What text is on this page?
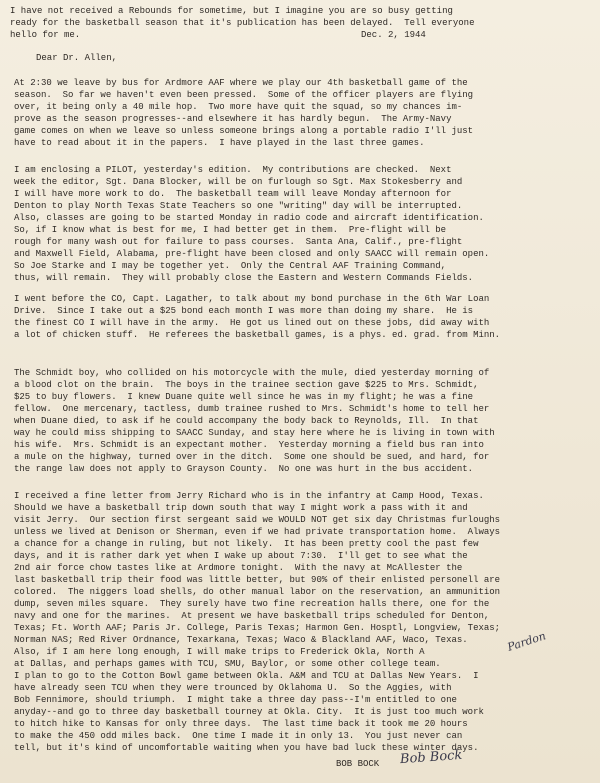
I have not received a Rebounds for sometime, but I imagine you are so busy getting
ready for the basketball season that it's publication has been delayed.  Tell everyone
hello for me.	Dec. 2, 1944
Dear Dr. Allen,
At 2:30 we leave by bus for Ardmore AAF where we play our 4th basketball game of the
season.  So far we haven't even been pressed.  Some of the officer players are flying
over, it being only a 40 mile hop.  Two more have quit the squad, so my chances im-
prove as the season progresses--and elsewhere it has hardly begun.  The Army-Navy
game comes on when we leave so unless someone brings along a portable radio I'll just
have to read about it in the papers.  I have played in the last three games.
I am enclosing a PILOT, yesterday's edition.  My contributions are checked.  Next
week the editor, Sgt. Dana Blocker, will be on furlough so Sgt. Max Stokesberry and
I will have more work to do.  The basketball team will leave Monday afternoon for
Denton to play North Texas State Teachers so one "writing" day will be interrupted.
Also, classes are going to be started Monday in radio code and aircraft identification.
So, if I know what is best for me, I had better get in them.  Pre-flight will be
rough for many wash out for failure to pass courses.  Santa Ana, Calif., pre-flight
and Maxwell Field, Alabama, pre-flight have been closed and only SAACC will remain open.
So Joe Starke and I may be together yet.  Only the Central AAF Training Command,
thus, will remain.  They will probably close the Eastern and Western Commands Fields.
I went before the CO, Capt. Lagather, to talk about my bond purchase in the 6th War Loan
Drive.  Since I take out a $25 bond each month I was more than doing my share.  He is
the finest CO I will have in the army.  He got us lined out on these jobs, did away with
a lot of chicken stuff.  He referees the basketball games, is a phys. ed. grad. from Minn.
The Schmidt boy, who collided on his motorcycle with the mule, died yesterday morning of
a blood clot on the brain.  The boys in the trainee section gave $225 to Mrs. Schmidt,
$25 to buy flowers.  I knew Duane quite well since he was in my flight; he was a fine
fellow.  One mercenary, tactless, dumb trainee rushed to Mrs. Schmidt's home to tell her
when Duane died, to ask if he could accompany the body back to Reynolds, Ill.  In that
way he could miss shipping to SAACC Sunday, and stay here where he is living in town with
his wife.  Mrs. Schmidt is an expectant mother.  Yesterday morning a field bus ran into
a mule on the highway, turned over in the ditch.  Some one should be sued, and hard, for
the range law does not apply to Grayson County.  No one was hurt in the bus accident.
I received a fine letter from Jerry Richard who is in the infantry at Camp Hood, Texas.
Should we have a basketball trip down south that way I might work a pass with it and
visit Jerry.  Our section first sergeant said we WOULD NOT get six day Christmas furloughs
unless we lived at Denison or Sherman, even if we had private transportation home.  Always
a chance for a change in ruling, but not likely.  It has been pretty cool the past few
days, and it is rather dark yet when I wake up about 7:30.  I'll get to see what the
2nd air force chow tastes like at Ardmore tonight.  With the navy at McAllester the
last basketball trip their food was little better, but 90% of their enlisted personell are
colored.  The niggers load shells, do other manual labor on the reservation, an ammunition
dump, seven miles square.  They surely have two fine recreation halls there, one for the
navy and one for the marines.  At present we have basketball trips scheduled for Denton,
Texas; Ft. Worth AAF; Paris Jr. College, Paris Texas; Harmon Gen. Hosptl, Longview, Texas;
Norman NAS; Red River Ordnance, Texarkana, Texas; Waco & Blackland AAF, Waco, Texas.
Also, if I am here long enough, I will make trips to Frederick Okla, North A
at Dallas, and perhaps games with TCU, SMU, Baylor, or some other college team.
I plan to go to the Cotton Bowl game between Okla. A&M and TCU at Dallas New Years.  I
have already seen TCU when they were trounced by Oklahoma U.  So the Aggies, with
Bob Fennimore, should triumph.  I might take a three day pass--I'm entitled to one
anyday--and go to three day basketball tourney at Okla. City.  It is just too much work
to hitch hike to Kansas for only three days.  The last time back it took me 20 hours
to make the 450 odd miles back.  One time I made it in only 13.  You just never can
tell, but it's kind of uncomfortable waiting when you have bad luck these winter days.
Pardon
BOB BOCK Bob Bock
